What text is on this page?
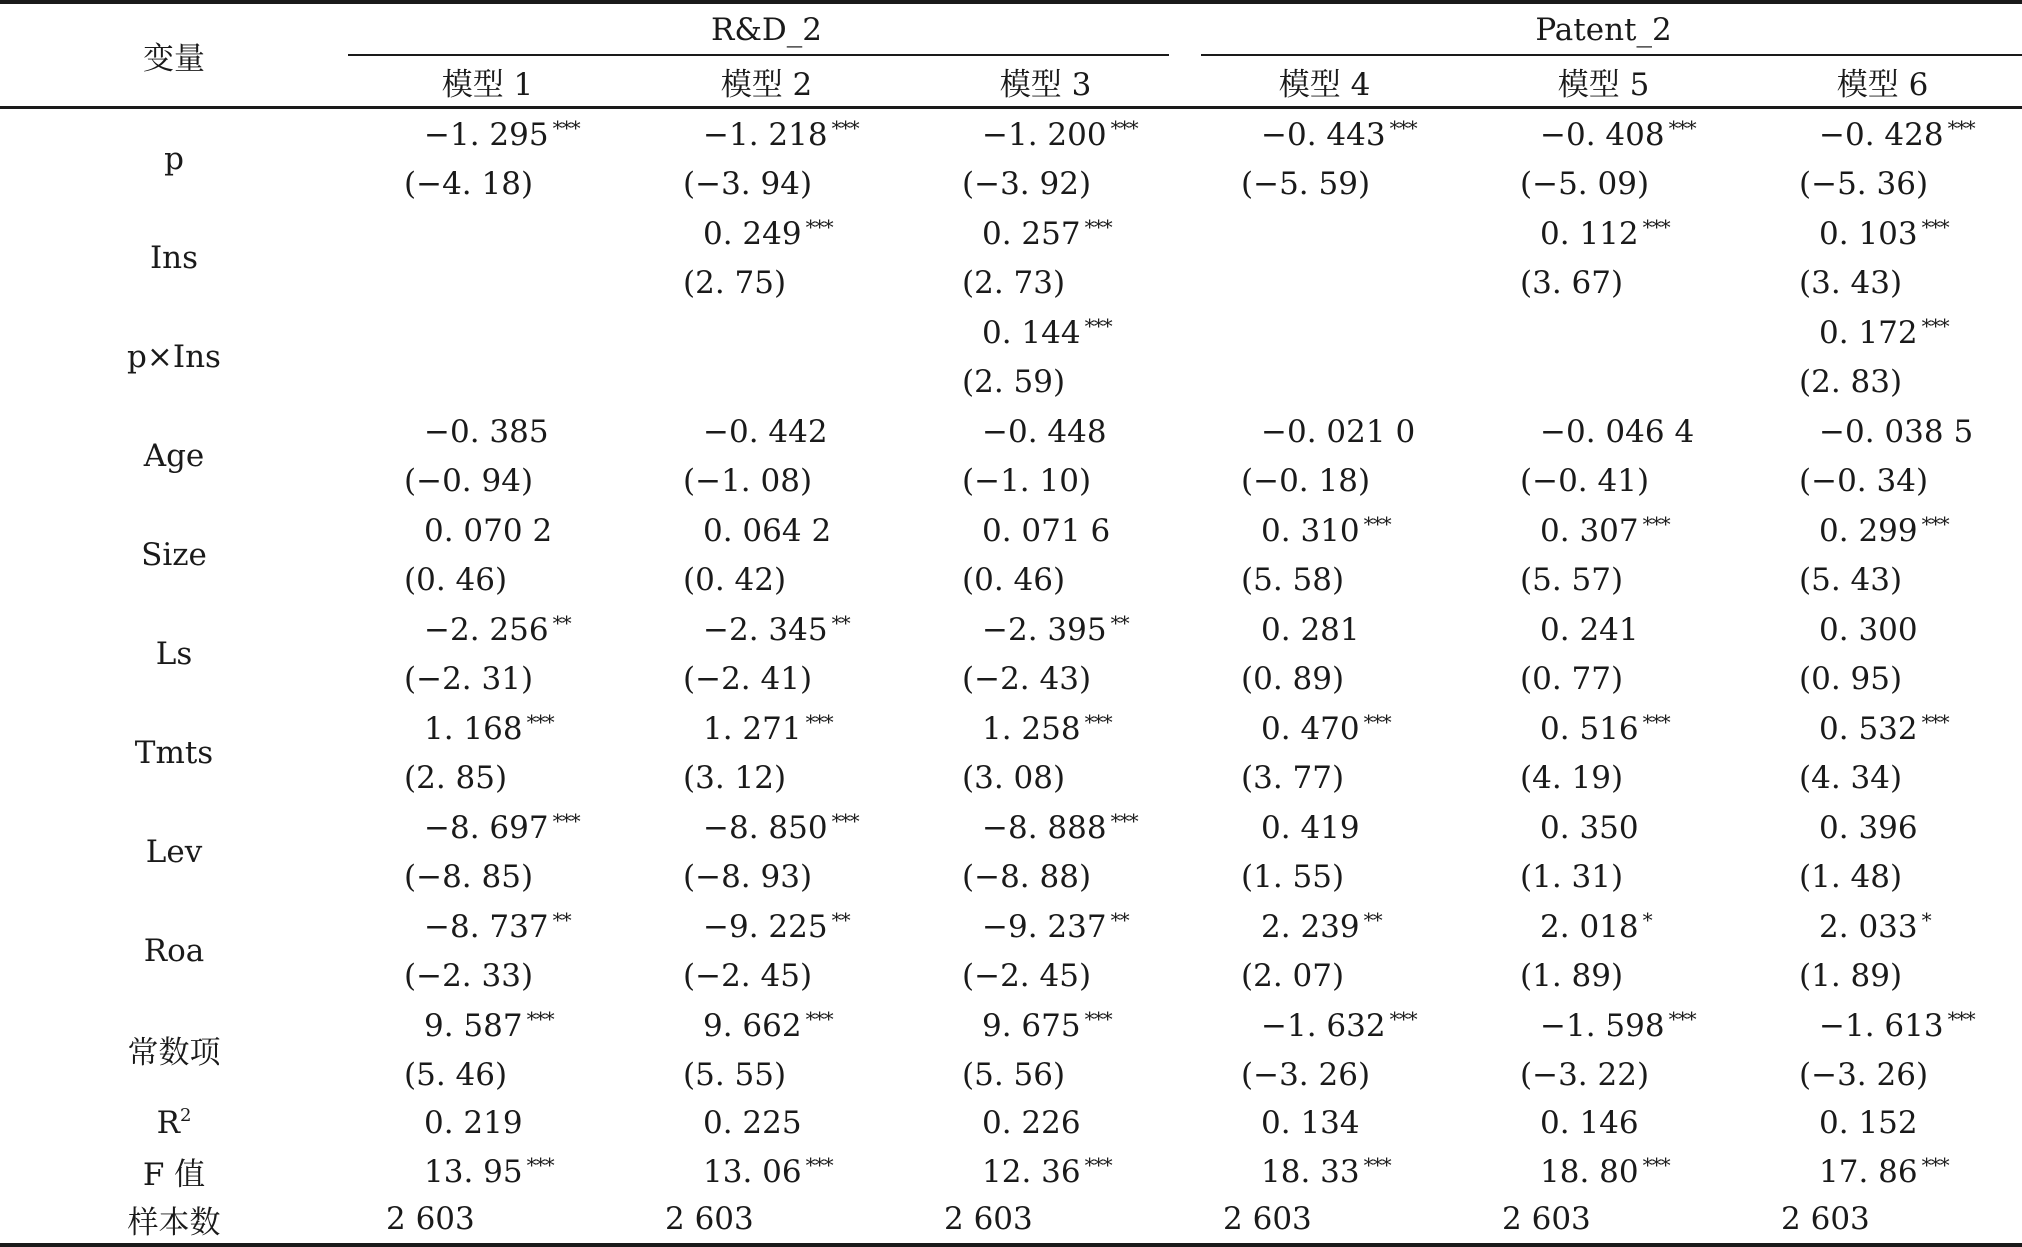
变量	R&D_2			Patent_2		
	模型 1	模型 2	模型 3	模型 4	模型 5	模型 6
p	−1. 295 ***	−1. 218 ***	−1. 200 ***	−0. 443 ***	−0. 408 ***	−0. 428 ***
	(−4. 18)	(−3. 94)	(−3. 92)	(−5. 59)	(−5. 09)	(−5. 36)
Ins		0. 249 ***	0. 257 ***		0. 112 ***	0. 103 ***
		(2. 75)	(2. 73)		(3. 67)	(3. 43)
p×Ins			0. 144 ***			0. 172 ***
			(2. 59)			(2. 83)
Age	−0. 385	−0. 442	−0. 448	−0. 021 0	−0. 046 4	−0. 038 5
	(−0. 94)	(−1. 08)	(−1. 10)	(−0. 18)	(−0. 41)	(−0. 34)
Size	0. 070 2	0. 064 2	0. 071 6	0. 310 ***	0. 307 ***	0. 299 ***
	(0. 46)	(0. 42)	(0. 46)	(5. 58)	(5. 57)	(5. 43)
Ls	−2. 256 **	−2. 345 **	−2. 395 **	0. 281	0. 241	0. 300
	(−2. 31)	(−2. 41)	(−2. 43)	(0. 89)	(0. 77)	(0. 95)
Tmts	1. 168 ***	1. 271 ***	1. 258 ***	0. 470 ***	0. 516 ***	0. 532 ***
	(2. 85)	(3. 12)	(3. 08)	(3. 77)	(4. 19)	(4. 34)
Lev	−8. 697 ***	−8. 850 ***	−8. 888 ***	0. 419	0. 350	0. 396
	(−8. 85)	(−8. 93)	(−8. 88)	(1. 55)	(1. 31)	(1. 48)
Roa	−8. 737 **	−9. 225 **	−9. 237 **	2. 239 **	2. 018 *	2. 033 *
	(−2. 33)	(−2. 45)	(−2. 45)	(2. 07)	(1. 89)	(1. 89)
常数项	9. 587 ***	9. 662 ***	9. 675 ***	−1. 632 ***	−1. 598 ***	−1. 613 ***
	(5. 46)	(5. 55)	(5. 56)	(−3. 26)	(−3. 22)	(−3. 26)
$R^2$	0. 219	0. 225	0. 226	0. 134	0. 146	0. 152
F 值	13. 95 ***	13. 06 ***	12. 36 ***	18. 33 ***	18. 80 ***	17. 86 ***
样本数	2 603	2 603	2 603	2 603	2 603	2 603
